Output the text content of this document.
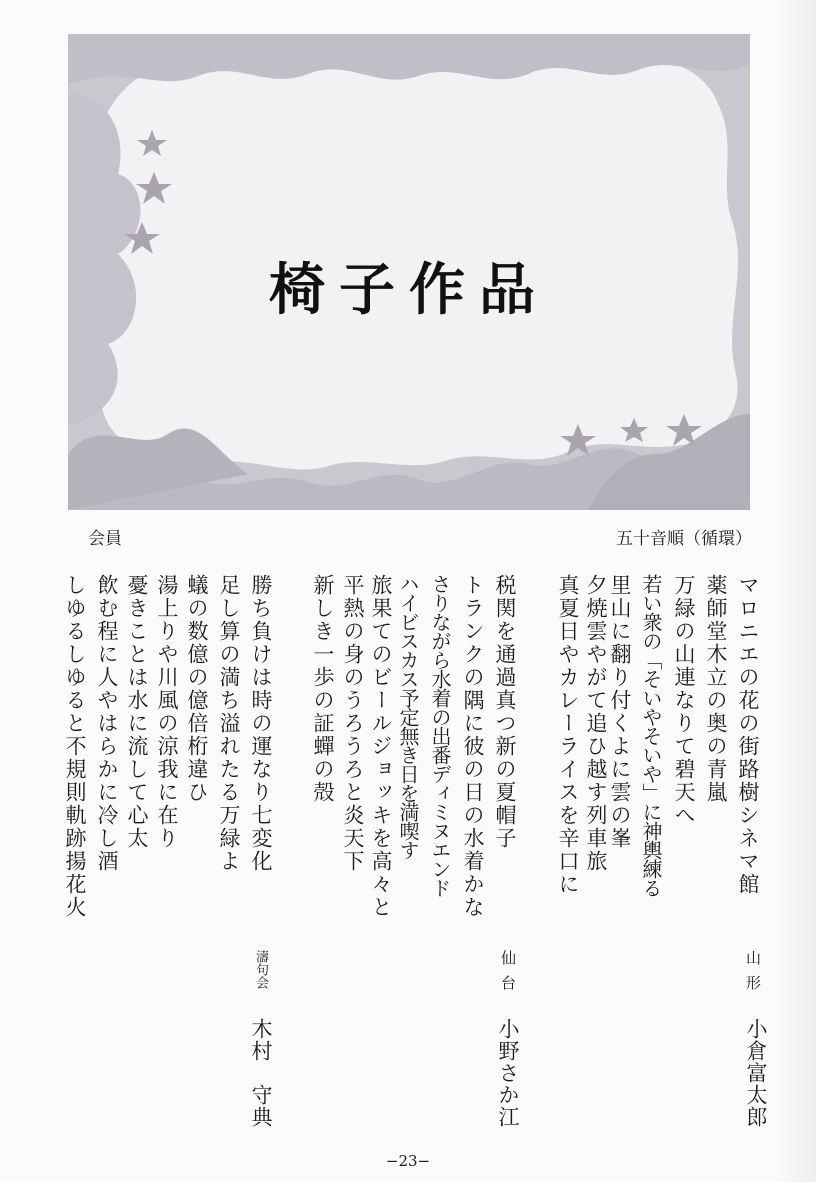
椅子作品
会員	五十音順（循環）
山形
小倉富太郎
マロニエの花の街路樹シネマ館
薬師堂木立の奥の青嵐
万緑の山連なりて碧天へ
若い衆の「そいやそいや」に神輿練る
里山に翻り付くよに雲の峯
夕焼雲やがて追ひ越す列車旅
真夏日やカレーライスを辛口に
仙台
小野さか江
税関を通過真つ新の夏帽子
トランクの隅に彼の日の水着かな
さりながら水着の出番ディミヌエンド
ハイビスカス予定無き日を満喫す
旅果てのビールジョッキを高々と
平熱の身のうろうろと炎天下
新しき一歩の証蟬の殻
濤句会
木村　守典
勝ち負けは時の運なり七変化
足し算の満ち溢れたる万緑よ
蟻の数億の億倍桁違ひ
湯上りや川風の涼我に在り
憂きことは水に流して心太
飲む程に人やはらかに冷し酒
しゆるしゆると不規則軌跡揚花火
−23−
